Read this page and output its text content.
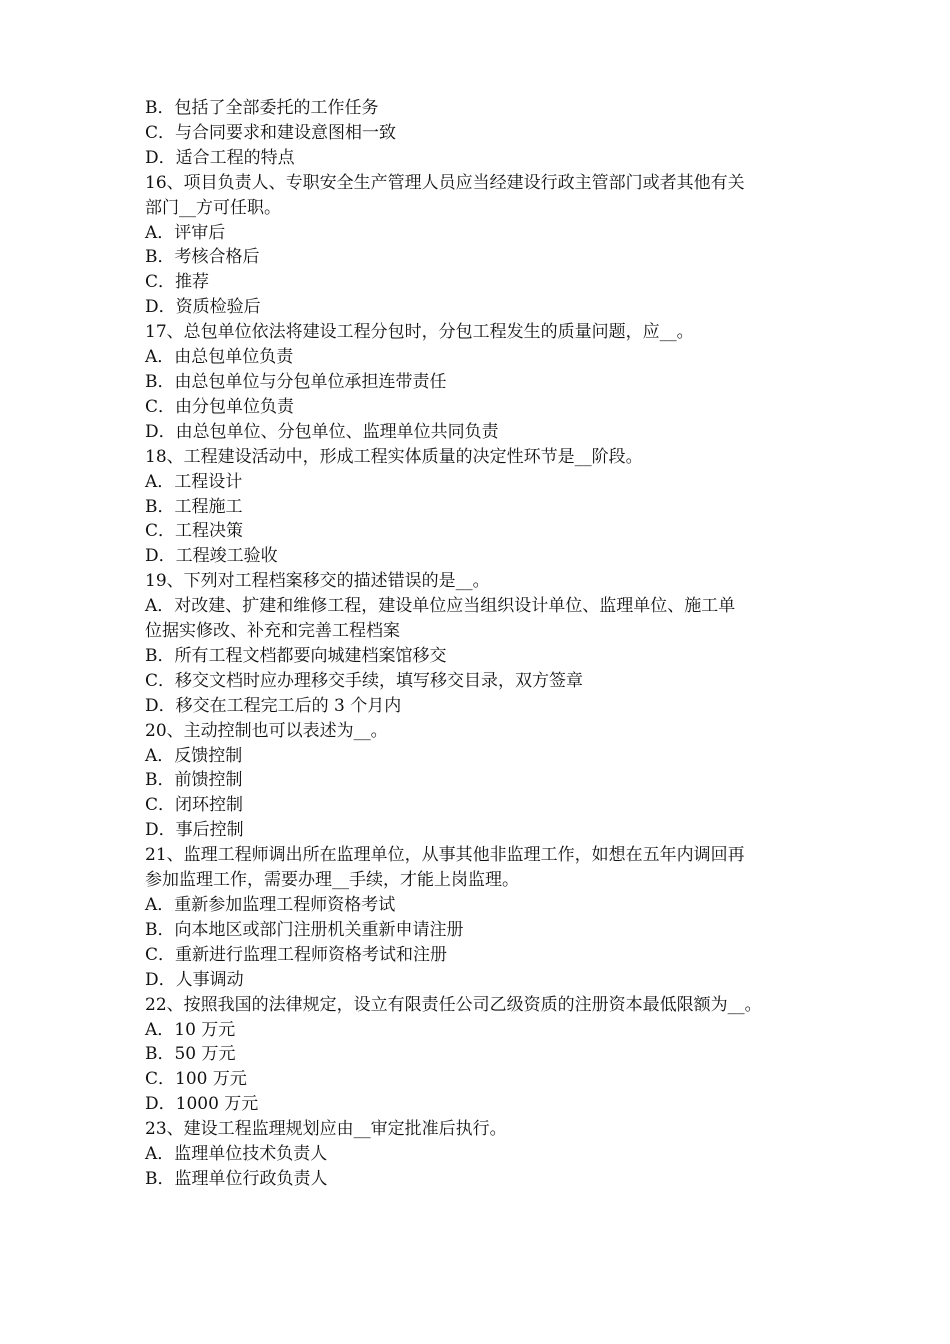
B．包括了全部委托的工作任务
C．与合同要求和建设意图相一致
D．适合工程的特点
16、项目负责人、专职安全生产管理人员应当经建设行政主管部门或者其他有关
部门__方可任职。
A．评审后
B．考核合格后
C．推荐
D．资质检验后
17、总包单位依法将建设工程分包时，分包工程发生的质量问题，应__。
A．由总包单位负责
B．由总包单位与分包单位承担连带责任
C．由分包单位负责
D．由总包单位、分包单位、监理单位共同负责
18、工程建设活动中，形成工程实体质量的决定性环节是__阶段。
A．工程设计
B．工程施工
C．工程决策
D．工程竣工验收
19、下列对工程档案移交的描述错误的是__。
A．对改建、扩建和维修工程，建设单位应当组织设计单位、监理单位、施工单
位据实修改、补充和完善工程档案
B．所有工程文档都要向城建档案馆移交
C．移交文档时应办理移交手续，填写移交目录，双方签章
D．移交在工程完工后的 3 个月内
20、主动控制也可以表述为__。
A．反馈控制
B．前馈控制
C．闭环控制
D．事后控制
21、监理工程师调出所在监理单位，从事其他非监理工作，如想在五年内调回再
参加监理工作，需要办理__手续，才能上岗监理。
A．重新参加监理工程师资格考试
B．向本地区或部门注册机关重新申请注册
C．重新进行监理工程师资格考试和注册
D．人事调动
22、按照我国的法律规定，设立有限责任公司乙级资质的注册资本最低限额为__。
A．10 万元
B．50 万元
C．100 万元
D．1000 万元
23、建设工程监理规划应由__审定批准后执行。
A．监理单位技术负责人
B．监理单位行政负责人
